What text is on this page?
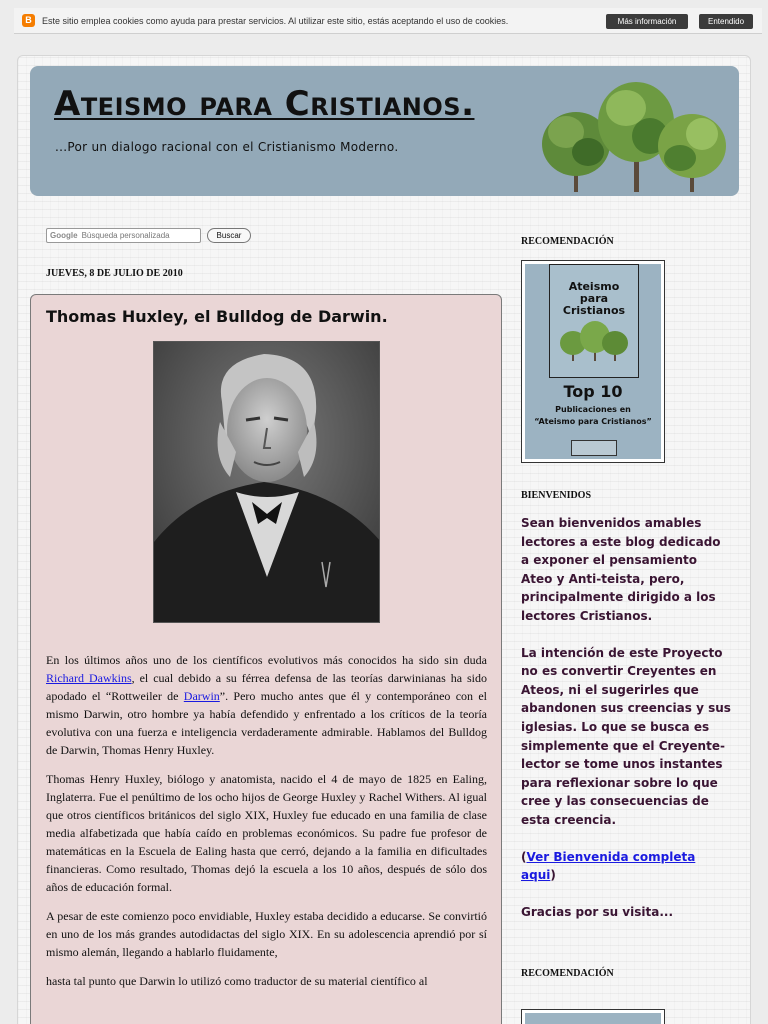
B	Este sitio emplea cookies como ayuda para prestar servicios. Al utilizar este sitio, estás aceptando el uso de cookies.	Más información	Entendido
Ateismo para Cristianos.
...Por un dialogo racional con el Cristianismo Moderno.
Google Búsqueda personalizada	Buscar
JUEVES, 8 DE JULIO DE 2010
Thomas Huxley, el Bulldog de Darwin.

En los últimos años uno de los científicos evolutivos más conocidos ha sido sin duda Richard Dawkins, el cual debido a su férrea defensa de las teorías darwinianas ha sido apodado el “Rottweiler de Darwin”. Pero mucho antes que él y contemporáneo con el mismo Darwin, otro hombre ya había defendido y enfrentado a los críticos de la teoría evolutiva con una fuerza e inteligencia verdaderamente admirable. Hablamos del Bulldog de Darwin, Thomas Henry Huxley.

Thomas Henry Huxley, biólogo y anatomista, nacido el 4 de mayo de 1825 en Ealing, Inglaterra. Fue el penúltimo de los ocho hijos de George Huxley y Rachel Withers. Al igual que otros científicos británicos del siglo XIX, Huxley fue educado en una familia de clase media alfabetizada que había caído en problemas económicos. Su padre fue profesor de matemáticas en la Escuela de Ealing hasta que cerró, dejando a la familia en dificultades financieras. Como resultado, Thomas dejó la escuela a los 10 años, después de sólo dos años de educación formal.

A pesar de este comienzo poco envidiable, Huxley estaba decidido a educarse. Se convirtió en uno de los más grandes autodidactas del siglo XIX. En su adolescencia aprendió por sí mismo alemán, llegando a hablarlo fluidamente,

hasta tal punto que Darwin lo utilizó como traductor de su material científico al

RECOMENDACIÓN
Ateismo
para
Cristianos
Top 10
Publicaciones en
“Ateismo para Cristianos”
BIENVENIDOS

Sean bienvenidos amables lectores a este blog dedicado a exponer el pensamiento Ateo y Anti-teista, pero, principalmente dirigido a los lectores Cristianos.

La intención de este Proyecto no es convertir Creyentes en Ateos, ni el sugerirles que abandonen sus creencias y sus iglesias. Lo que se busca es simplemente que el Creyente-lector se tome unos instantes para reflexionar sobre lo que cree y las consecuencias de esta creencia.

(Ver Bienvenida completa aqui)

Gracias por su visita...

RECOMENDACIÓN
